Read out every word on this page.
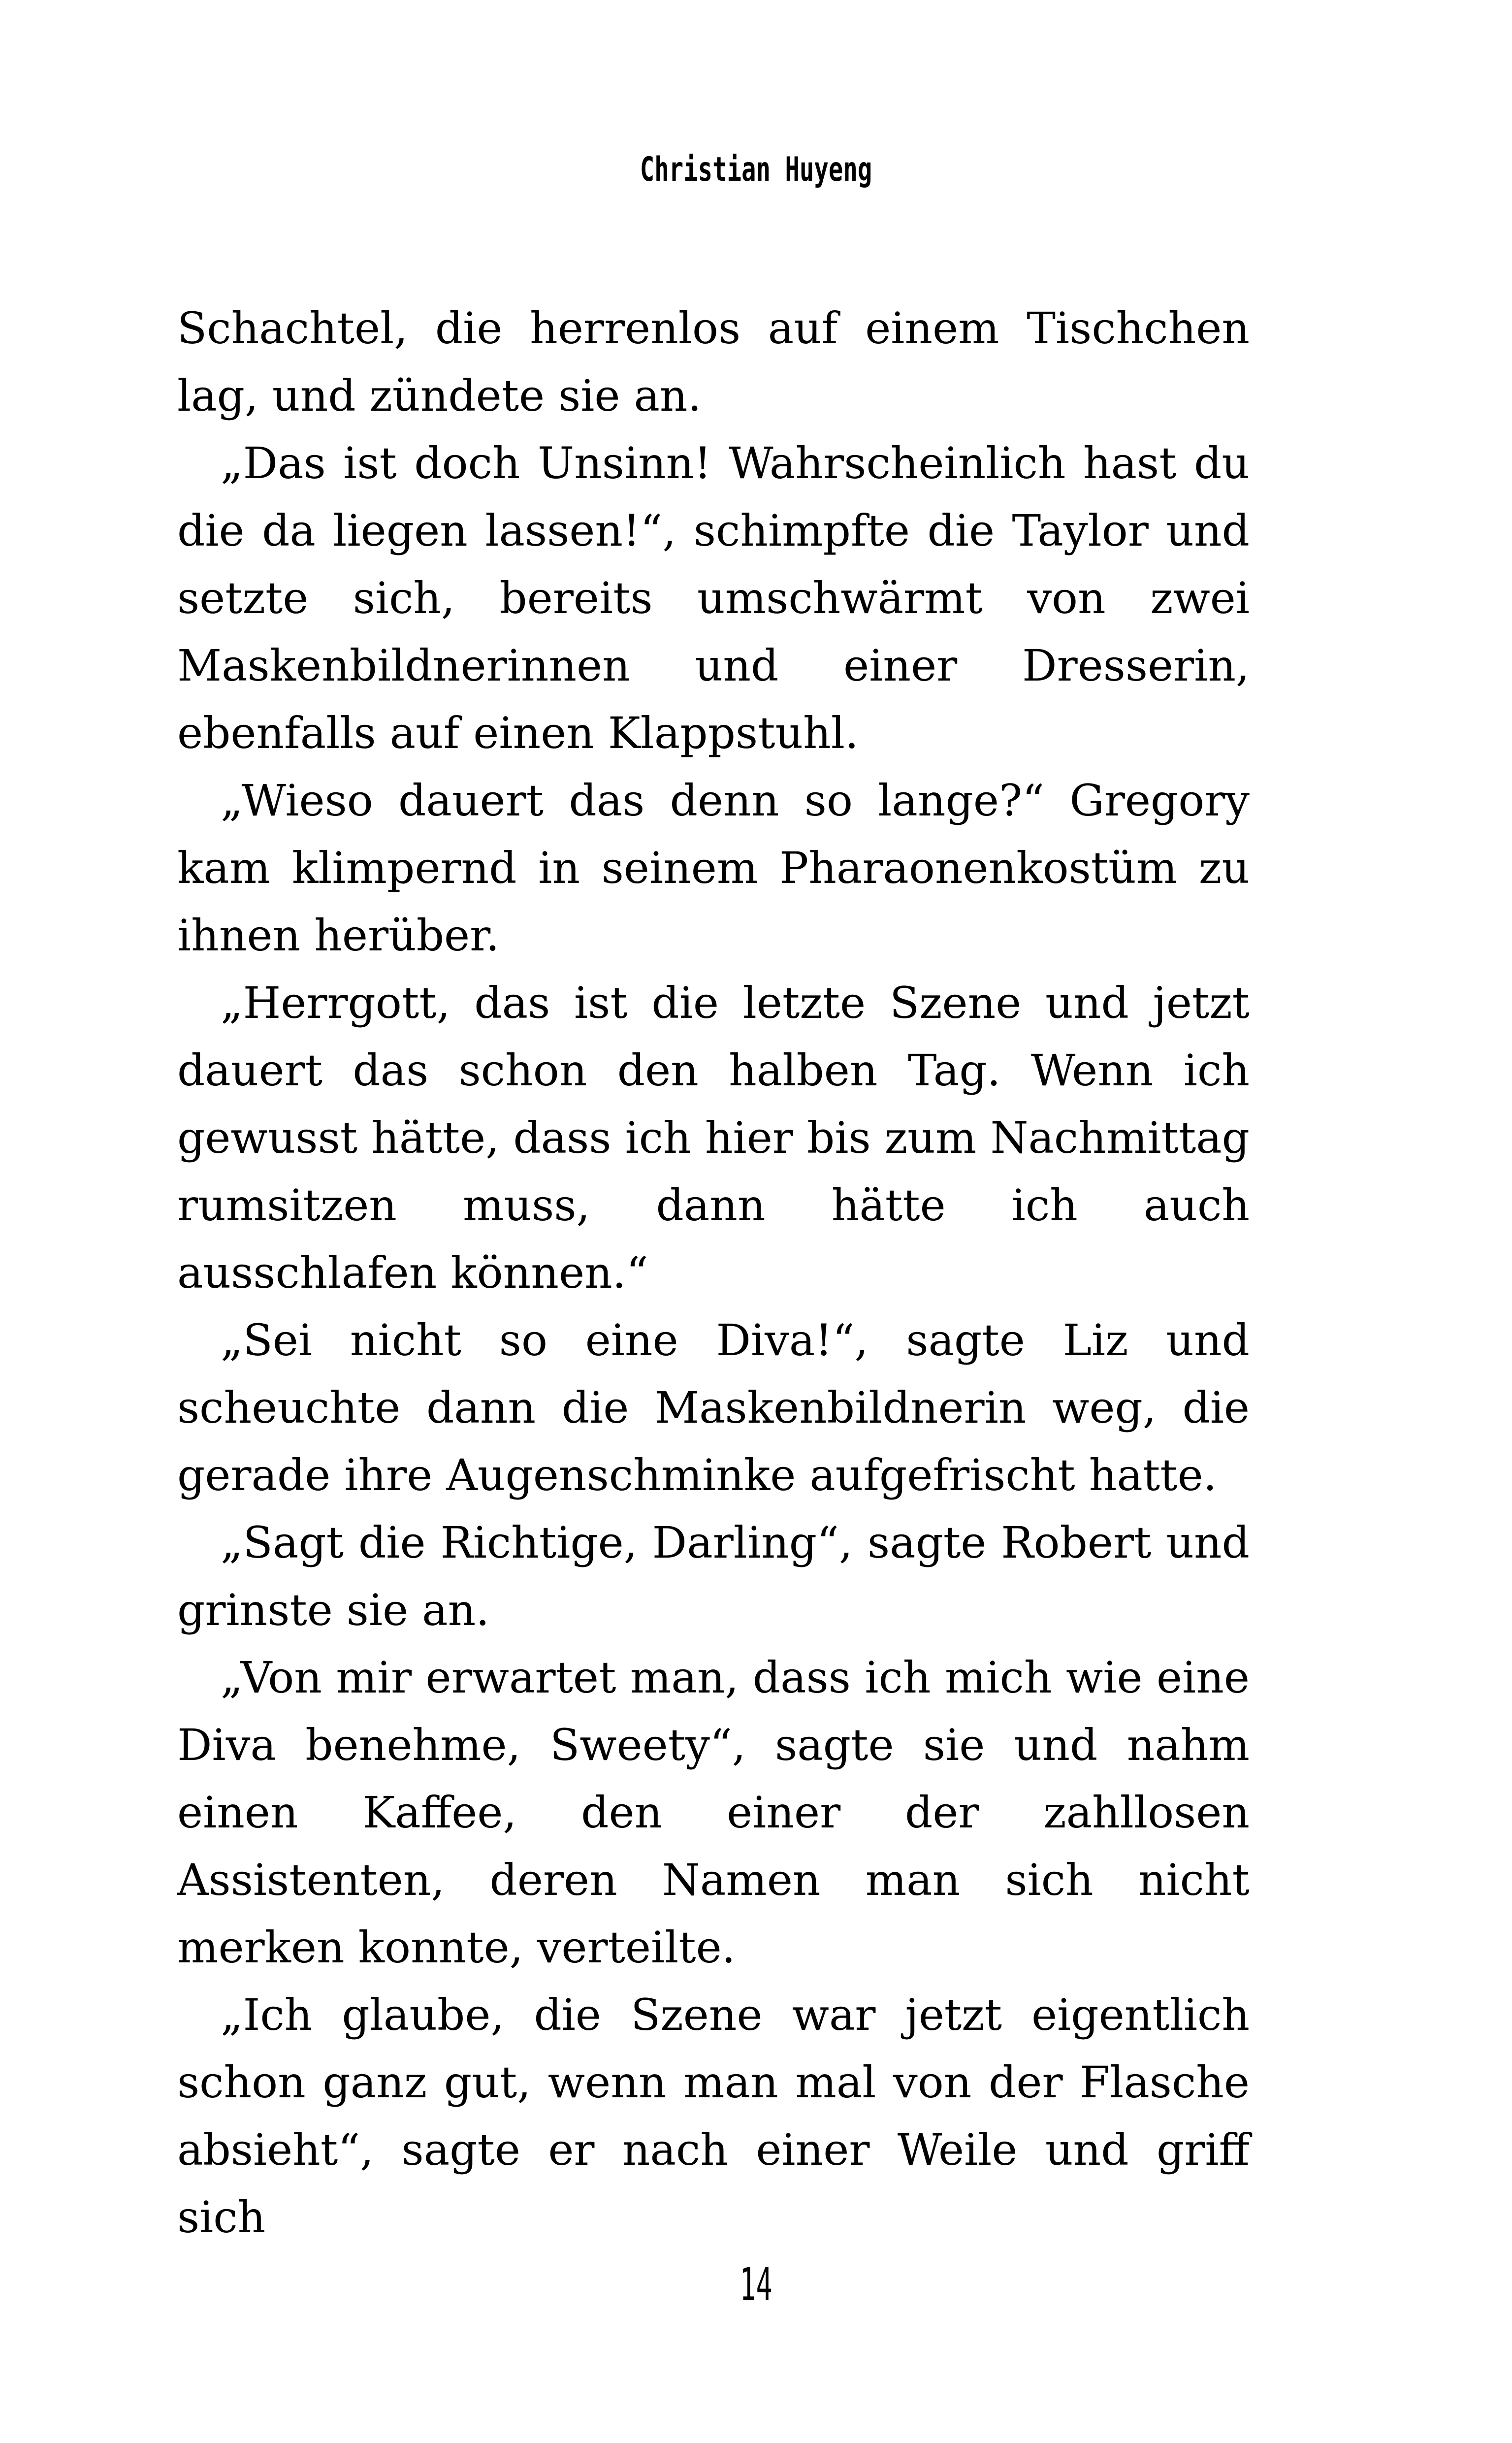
Christian Huyeng

Schachtel, die herrenlos auf einem Tischchen lag, und zündete sie an.

„Das ist doch Unsinn! Wahrscheinlich hast du die da liegen lassen!“, schimpfte die Taylor und setzte sich, bereits umschwärmt von zwei Maskenbildnerinnen und einer Dresserin, ebenfalls auf einen Klappstuhl.

„Wieso dauert das denn so lange?“ Gregory kam klimpernd in seinem Pharaonenkostüm zu ihnen herüber.

„Herrgott, das ist die letzte Szene und jetzt dauert das schon den halben Tag. Wenn ich gewusst hätte, dass ich hier bis zum Nachmittag rumsitzen muss, dann hätte ich auch ausschlafen können.“

„Sei nicht so eine Diva!“, sagte Liz und scheuchte dann die Maskenbildnerin weg, die gerade ihre Augenschminke aufgefrischt hatte.

„Sagt die Richtige, Darling“, sagte Robert und grinste sie an.

„Von mir erwartet man, dass ich mich wie eine Diva benehme, Sweety“, sagte sie und nahm einen Kaffee, den einer der zahllosen Assistenten, deren Namen man sich nicht merken konnte, verteilte.

„Ich glaube, die Szene war jetzt eigentlich schon ganz gut, wenn man mal von der Flasche absieht“, sagte er nach einer Weile und griff sich

14
